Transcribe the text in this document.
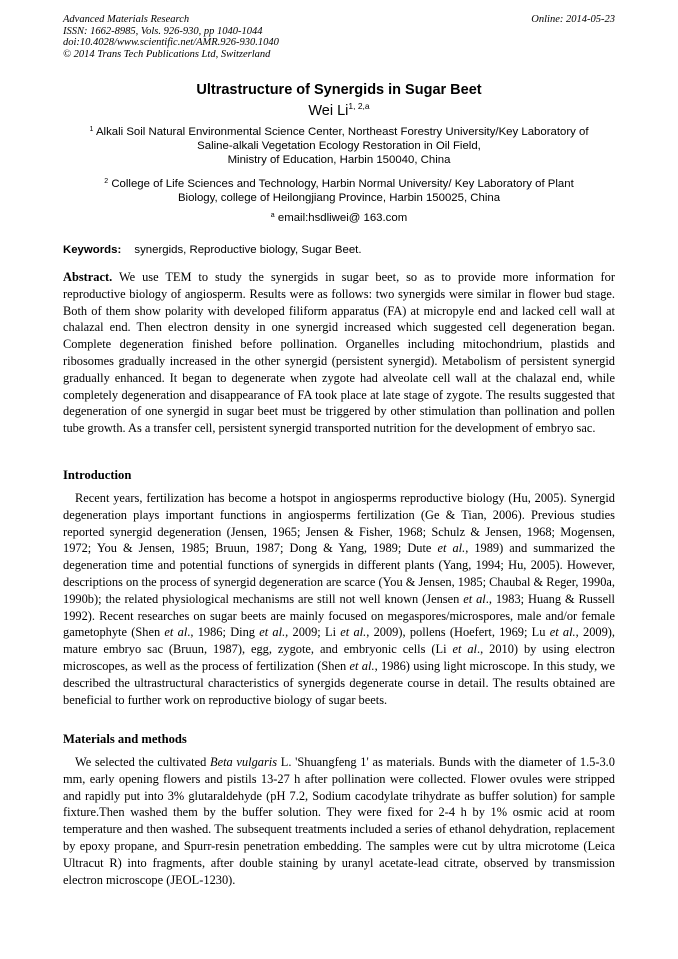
Advanced Materials Research
ISSN: 1662-8985, Vols. 926-930, pp 1040-1044
doi:10.4028/www.scientific.net/AMR.926-930.1040
© 2014 Trans Tech Publications Ltd, Switzerland
Online: 2014-05-23
Ultrastructure of Synergids in Sugar Beet
Wei Li$^{1, 2,a}$
$^1$ Alkali Soil Natural Environmental Science Center, Northeast Forestry University/Key Laboratory of
Saline-alkali Vegetation Ecology Restoration in Oil Field,
Ministry of Education, Harbin 150040, China
$^2$ College of Life Sciences and Technology, Harbin Normal University/ Key Laboratory of Plant
Biology, college of Heilongjiang Province, Harbin 150025, China
$^a$ email:hsdliwei@ 163.com
Keywords: synergids, Reproductive biology, Sugar Beet.

Abstract. We use TEM to study the synergids in sugar beet, so as to provide more information for reproductive biology of angiosperm. Results were as follows: two synergids were similar in flower bud stage. Both of them show polarity with developed filiform apparatus (FA) at micropyle end and lacked cell wall at chalazal end. Then electron density in one synergid increased which suggested cell degeneration began. Complete degeneration finished before pollination. Organelles including mitochondrium, plastids and ribosomes gradually increased in the other synergid (persistent synergid). Metabolism of persistent synergid gradually enhanced. It began to degenerate when zygote had alveolate cell wall at the chalazal end, while completely degeneration and disappearance of FA took place at late stage of zygote. The results suggested that degeneration of one synergid in sugar beet must be triggered by other stimulation than pollination and pollen tube growth. As a transfer cell, persistent synergid transported nutrition for the development of embryo sac.

Introduction

Recent years, fertilization has become a hotspot in angiosperms reproductive biology (Hu, 2005). Synergid degeneration plays important functions in angiosperms fertilization (Ge & Tian, 2006). Previous studies reported synergid degeneration (Jensen, 1965; Jensen & Fisher, 1968; Schulz & Jensen, 1968; Mogensen, 1972; You & Jensen, 1985; Bruun, 1987; Dong & Yang, 1989; Dute et al., 1989) and summarized the degeneration time and potential functions of synergids in different plants (Yang, 1994; Hu, 2005). However, descriptions on the process of synergid degeneration are scarce (You & Jensen, 1985; Chaubal & Reger, 1990a, 1990b); the related physiological mechanisms are still not well known (Jensen et al., 1983; Huang & Russell 1992). Recent researches on sugar beets are mainly focused on megaspores/microspores, male and/or female gametophyte (Shen et al., 1986; Ding et al., 2009; Li et al., 2009), pollens (Hoefert, 1969; Lu et al., 2009), mature embryo sac (Bruun, 1987), egg, zygote, and embryonic cells (Li et al., 2010) by using electron microscopes, as well as the process of fertilization (Shen et al., 1986) using light microscope. In this study, we described the ultrastructural characteristics of synergids degenerate course in detail. The results obtained are beneficial to further work on reproductive biology of sugar beets.

Materials and methods

We selected the cultivated Beta vulgaris L. 'Shuangfeng 1' as materials. Bunds with the diameter of 1.5-3.0 mm, early opening flowers and pistils 13-27 h after pollination were collected. Flower ovules were stripped and rapidly put into 3% glutaraldehyde (pH 7.2, Sodium cacodylate trihydrate as buffer solution) for sample fixture.Then washed them by the buffer solution. They were fixed for 2-4 h by 1% osmic acid at room temperature and then washed. The subsequent treatments included a series of ethanol dehydration, replacement by epoxy propane, and Spurr-resin penetration embedding. The samples were cut by ultra microtome (Leica Ultracut R) into fragments, after double staining by uranyl acetate-lead citrate, observed by transmission electron microscope (JEOL-1230).
